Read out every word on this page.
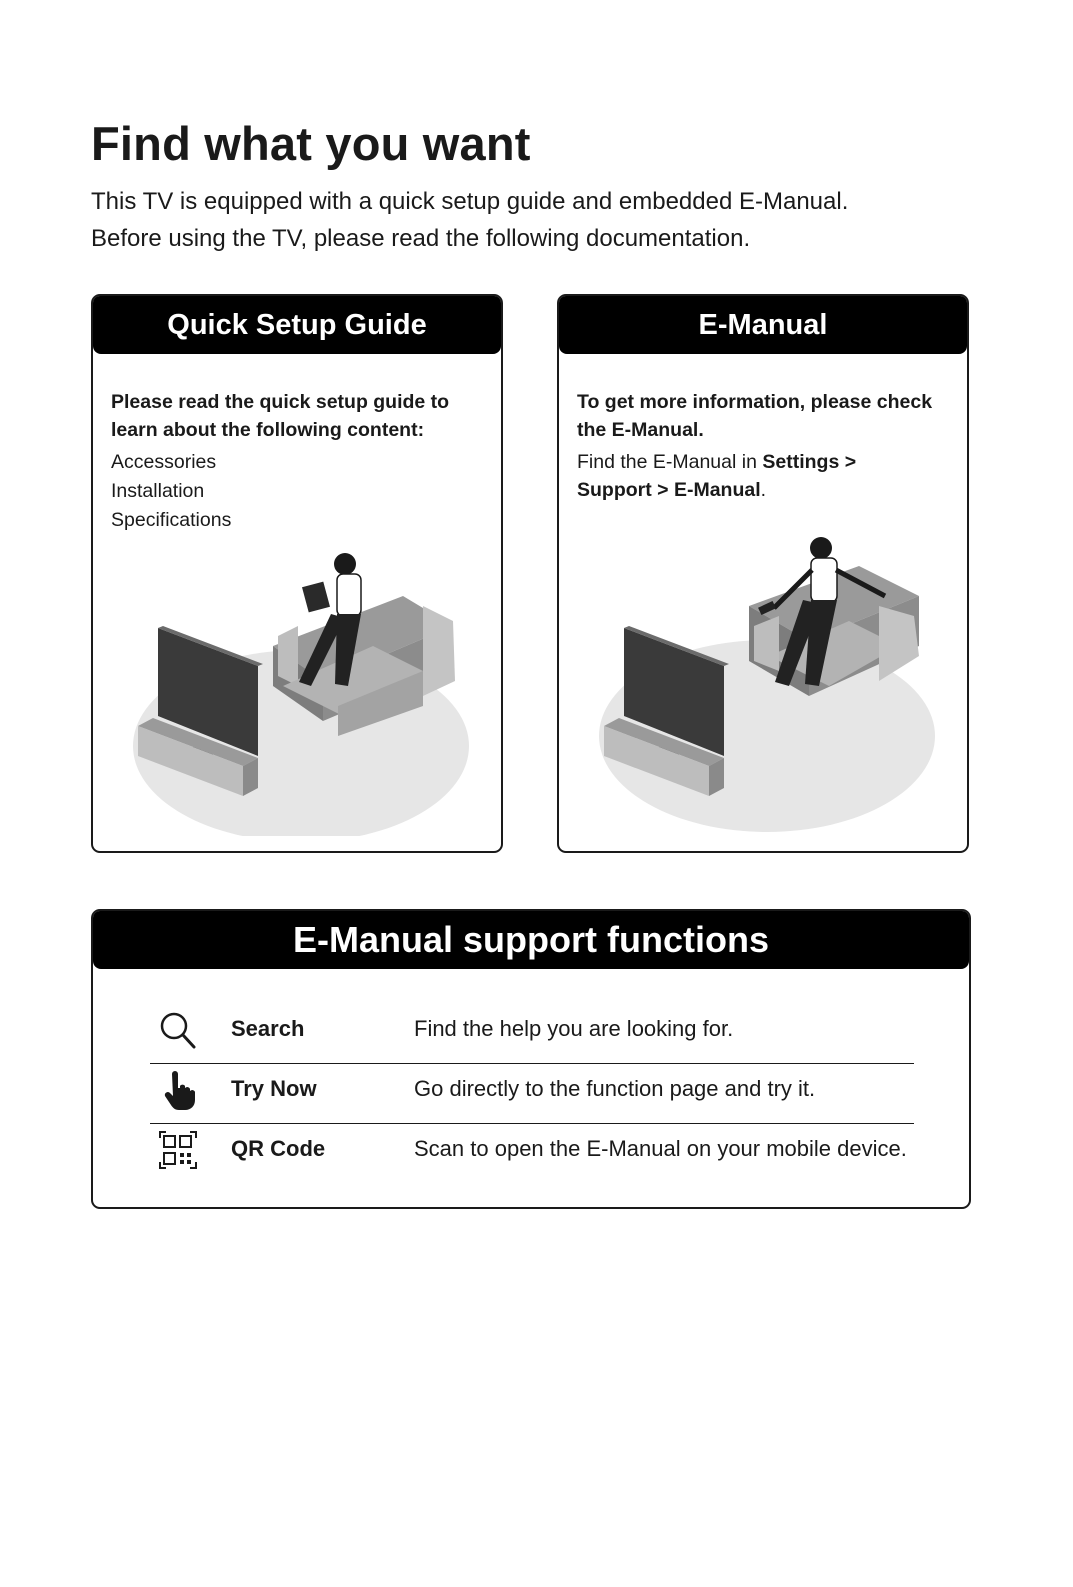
Find what you want

This TV is equipped with a quick setup guide and embedded E-Manual.
Before using the TV, please read the following documentation.

Quick Setup Guide

Please read the quick setup guide to
learn about the following content:

Accessories
Installation
Specifications
E-Manual

To get more information, please check
the E-Manual.

Find the E-Manual in Settings >
Support > E-Manual.

E-Manual support functions
Search	Find the help you are looking for.
Try Now	Go directly to the function page and try it.
QR Code	Scan to open the E-Manual on your mobile device.
